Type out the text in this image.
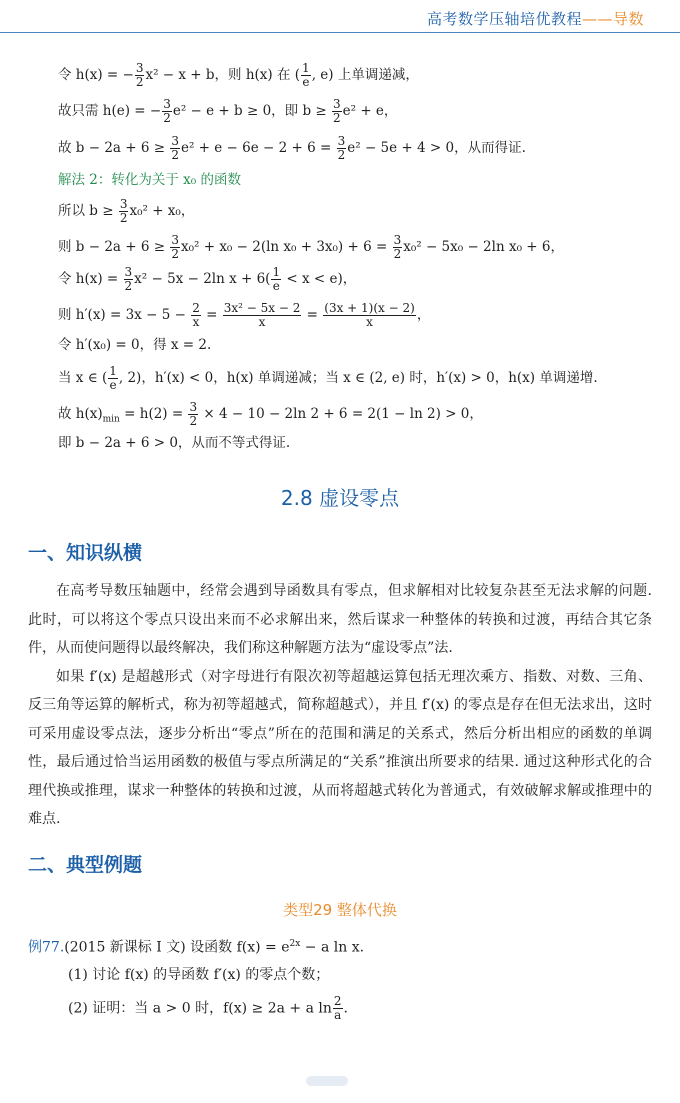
高考数学压轴培优教程——导数
令 h(x) = − $\frac{3}{2} x^2 - x + b$，则 h(x) 在 ( $\frac{1}{e}$ , e) 上单调递减，
故只需 h(e) = − $\frac{3}{2} e^2 - e + b \ge 0$，即 $b \ge \frac{3}{2} e^2 + e$，
故 $b - 2a + 6 \ge \frac{3}{2} e^2 + e - 6e - 2 + 6 = \frac{3}{2} e^2 - 5e + 4 > 0$，从而得证.
解法 2：转化为关于 x₀ 的函数
所以 $b \ge \frac{3}{2} x_0^2 + x_0$，
则 $b - 2a + 6 \ge \frac{3}{2} x_0^2 + x_0 - 2(\ln$ $x_0 + 3x_0) + 6 = \frac{3}{2} x_0^2 - 5x_0 - 2\ln$ x₀ + 6，
令 $h(x) = \frac{3}{2} x^2 - 5x - 2\ln$ $x + 6( \frac{1}{e} < x < e)$，
则 $h'(x) = 3x - 5 - \frac{2}{x} = \frac{\text{3x² − 5x − 2}}{x} = \frac{(3x + 1)(x - 2)}{x}$ ，
令 h′(x₀) = 0，得 x = 2.
当 x ∈ ( $\frac{1}{e}$ , 2)，h′(x) < 0，h(x) 单调递减；当 x ∈ (2, e) 时，h′(x) > 0，h(x) 单调递增.
故 $h(x)_{min} = h(2) = \frac{3}{2} \times 4 - 10 - 2\ln$ 2 + 6 = 2(1 − ln 2) > 0，
即 b − 2a + 6 > 0，从而不等式得证.
2.8 虚设零点
一、知识纵横

在高考导数压轴题中，经常会遇到导函数具有零点，但求解相对比较复杂甚至无法求解的问题. 此时，可以将这个零点只设出来而不必求解出来，然后谋求一种整体的转换和过渡，再结合其它条件，从而使问题得以最终解决，我们称这种解题方法为“虚设零点”法.

如果 f′(x) 是超越形式（对字母进行有限次初等超越运算包括无理次乘方、指数、对数、三角、反三角等运算的解析式，称为初等超越式，简称超越式），并且 f′(x) 的零点是存在但无法求出，这时可采用虚设零点法，逐步分析出“零点”所在的范围和满足的关系式，然后分析出相应的函数的单调性，最后通过恰当运用函数的极值与零点所满足的“关系”推演出所要求的结果. 通过这种形式化的合理代换或推理，谋求一种整体的转换和过渡，从而将超越式转化为普通式，有效破解求解或推理中的难点.

二、典型例题
类型29 整体代换
例77.(2015 新课标 Ⅰ 文) 设函数 $f(x) = e^{2x} - a$ ln x.
(1) 讨论 f(x) 的导函数 f′(x) 的零点个数；
(2) 证明：当 a > 0 时，f(x) ≥ 2a + a $\ln \frac{2}{a}$ .
